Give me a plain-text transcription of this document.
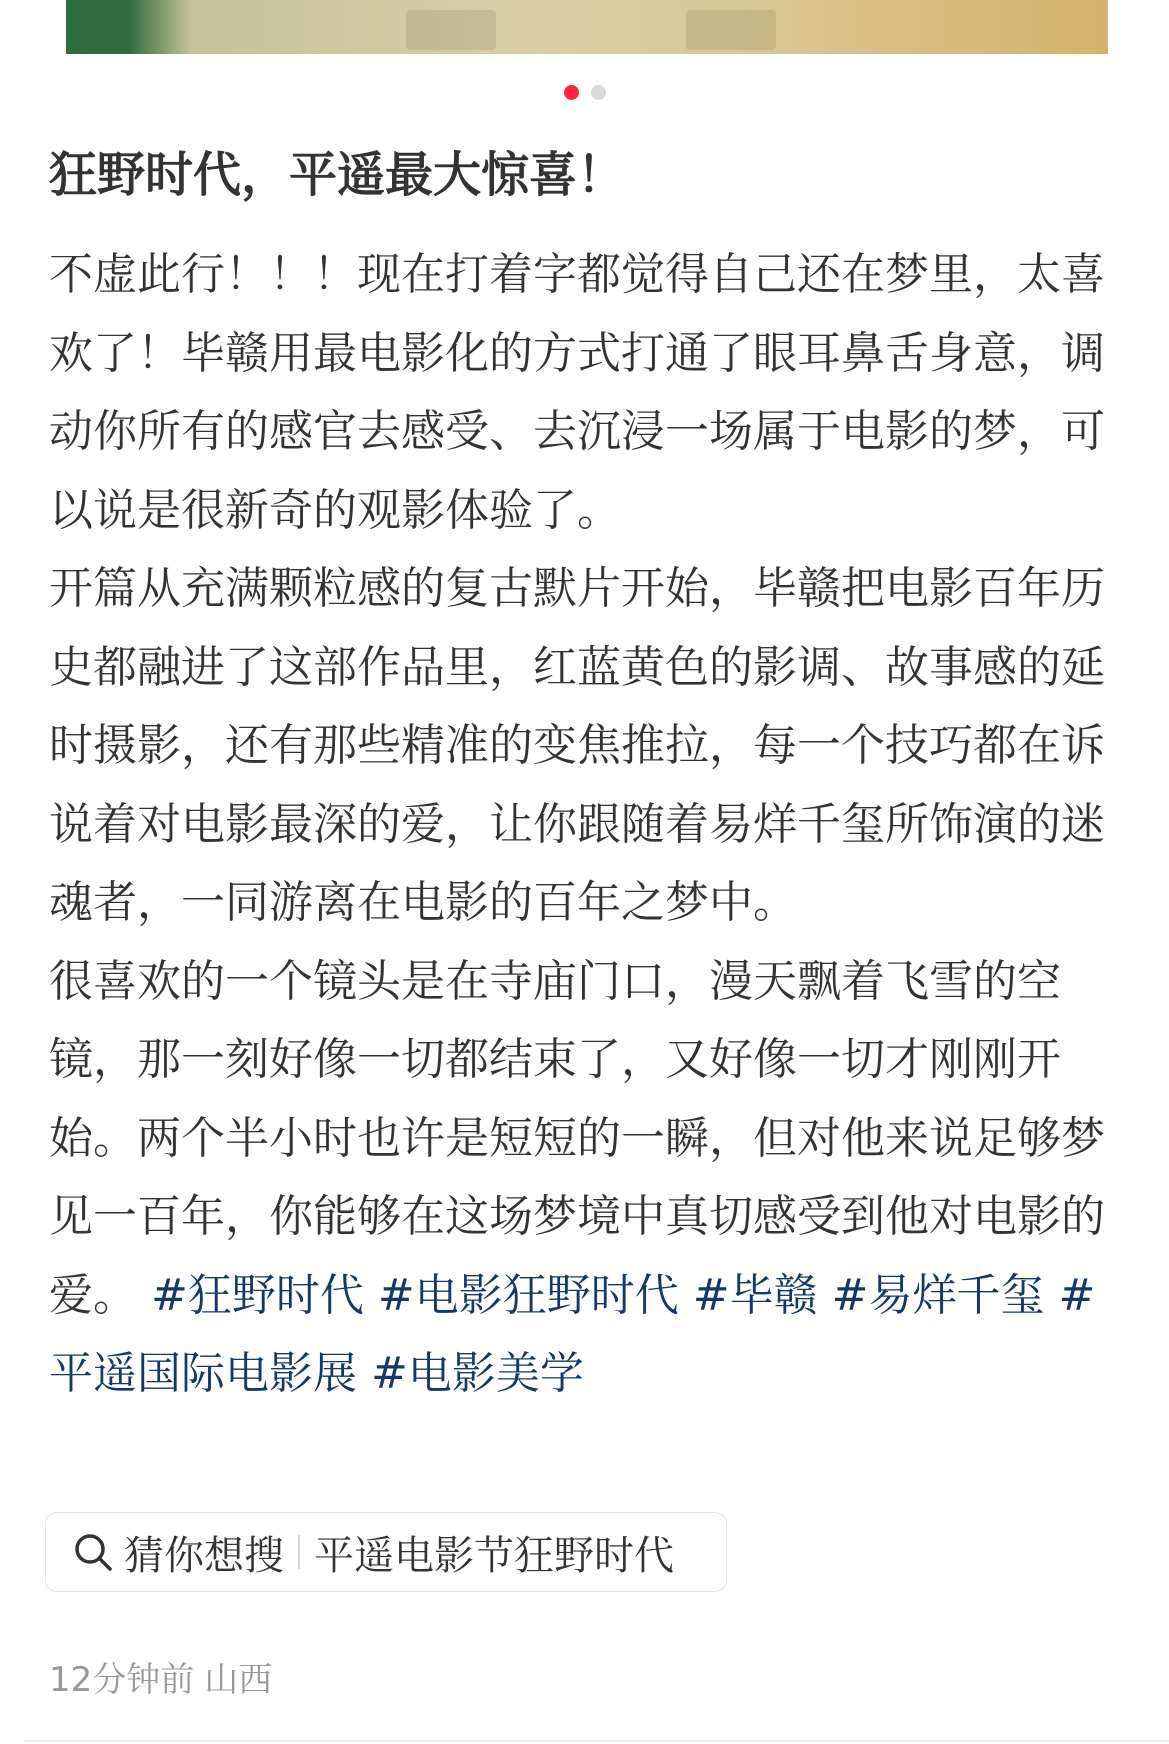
狂野时代，平遥最大惊喜！

不虚此行！！！现在打着字都觉得自己还在梦里，太喜欢了！毕赣用最电影化的方式打通了眼耳鼻舌身意，调动你所有的感官去感受、去沉浸一场属于电影的梦，可以说是很新奇的观影体验了。

开篇从充满颗粒感的复古默片开始，毕赣把电影百年历史都融进了这部作品里，红蓝黄色的影调、故事感的延时摄影，还有那些精准的变焦推拉，每一个技巧都在诉说着对电影最深的爱，让你跟随着易烊千玺所饰演的迷魂者，一同游离在电影的百年之梦中。

很喜欢的一个镜头是在寺庙门口，漫天飘着飞雪的空镜，那一刻好像一切都结束了，又好像一切才刚刚开始。两个半小时也许是短短的一瞬，但对他来说足够梦见一百年，你能够在这场梦境中真切感受到他对电影的爱。 #狂野时代 #电影狂野时代 #毕赣 #易烊千玺 #平遥国际电影展 #电影美学

猜你想搜 平遥电影节狂野时代
12分钟前 山西
